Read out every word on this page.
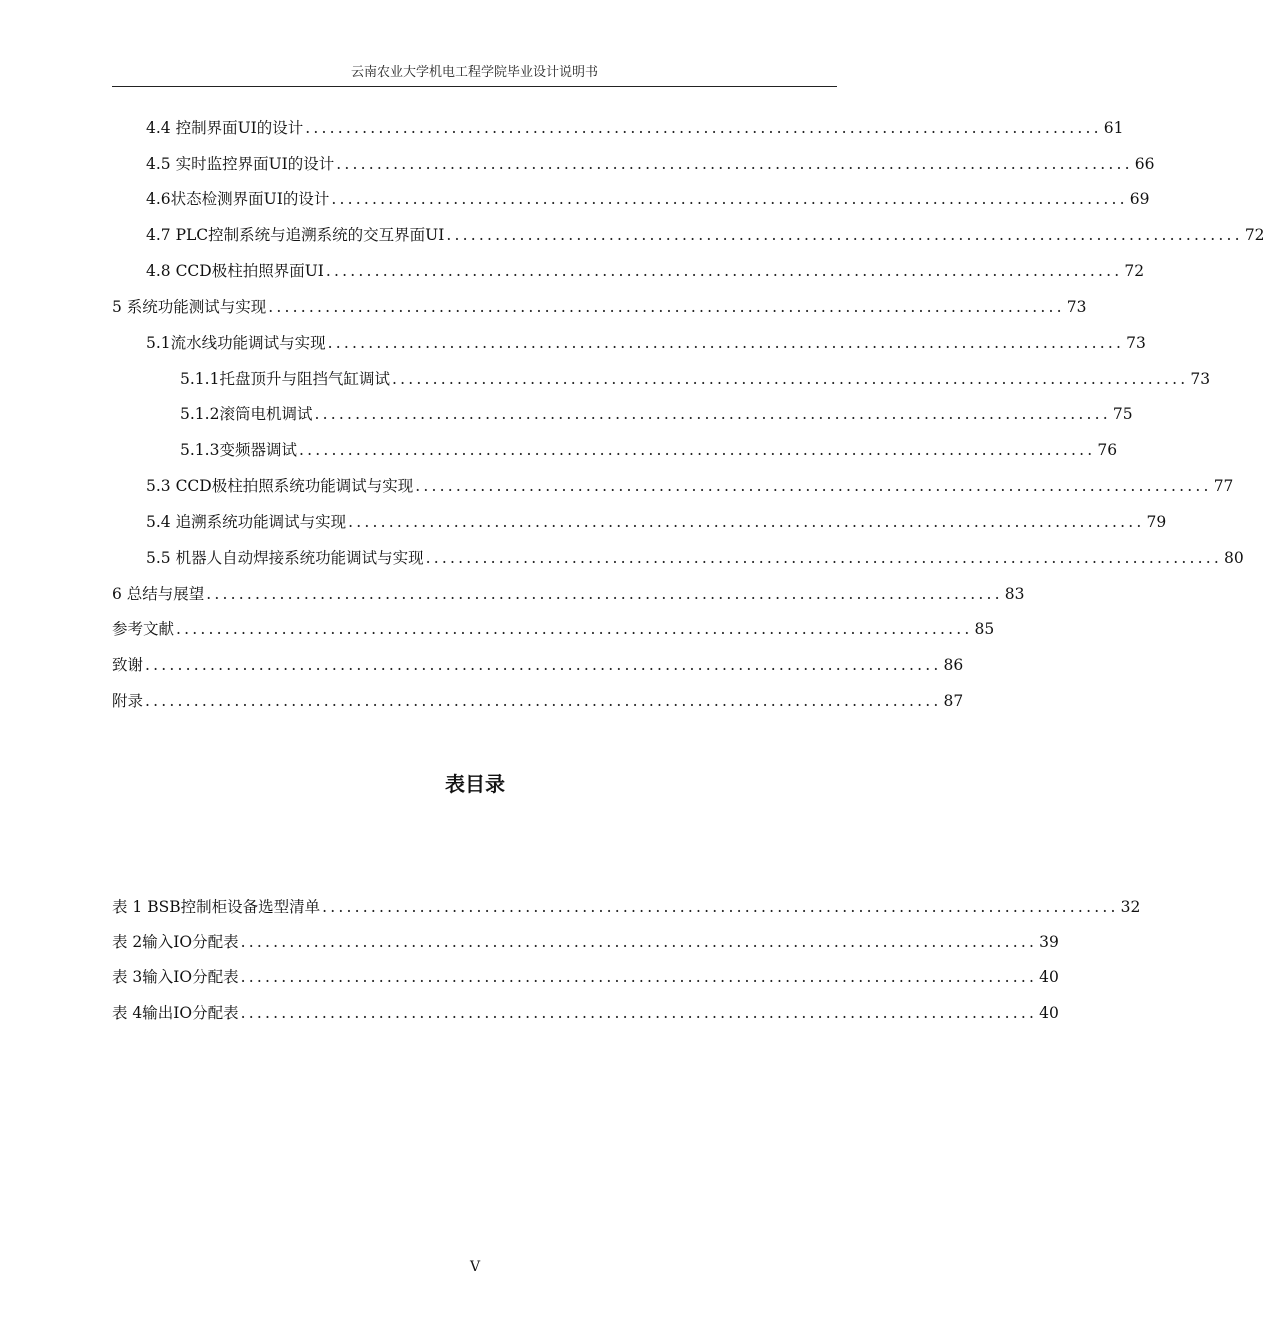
云南农业大学机电工程学院毕业设计说明书
4.4 控制界面UI的设计 .................................................................................................. 61
4.5 实时监控界面UI的设计 .................................................................................................. 66
4.6状态检测界面UI的设计 .................................................................................................. 69
4.7 PLC控制系统与追溯系统的交互界面UI .................................................................................................. 72
4.8 CCD极柱拍照界面UI .................................................................................................. 72
5 系统功能测试与实现 .................................................................................................. 73
5.1流水线功能调试与实现 .................................................................................................. 73
5.1.1托盘顶升与阻挡气缸调试 .................................................................................................. 73
5.1.2滚筒电机调试 .................................................................................................. 75
5.1.3变频器调试 .................................................................................................. 76
5.3 CCD极柱拍照系统功能调试与实现 .................................................................................................. 77
5.4 追溯系统功能调试与实现 .................................................................................................. 79
5.5 机器人自动焊接系统功能调试与实现 .................................................................................................. 80
6 总结与展望 .................................................................................................. 83
参考文献 .................................................................................................. 85
致谢 .................................................................................................. 86
附录 .................................................................................................. 87
表 1 BSB控制柜设备选型清单 .................................................................................................. 32
表 2输入IO分配表 .................................................................................................. 39
表 3输入IO分配表 .................................................................................................. 40
表 4输出IO分配表 .................................................................................................. 40
表目录
V
